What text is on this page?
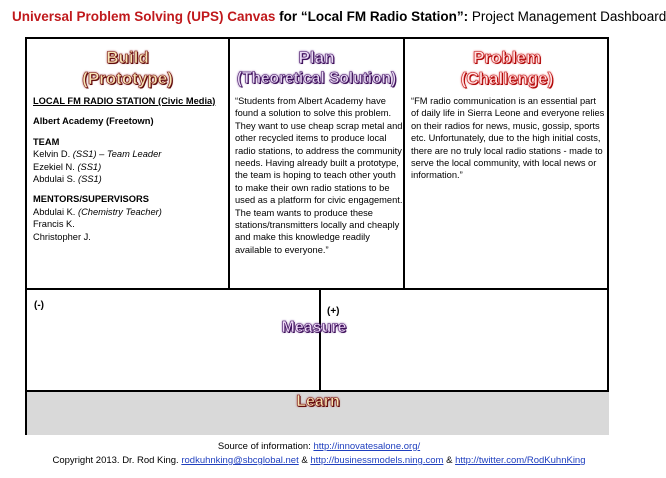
Universal Problem Solving (UPS) Canvas for “Local FM Radio Station”: Project Management Dashboard
Build
(Prototype)
LOCAL FM RADIO STATION (Civic Media)
Albert Academy (Freetown)
TEAM
Kelvin D. (SS1) – Team Leader
Ezekiel N. (SS1)
Abdulai S. (SS1)
MENTORS/SUPERVISORS
Abdulai K. (Chemistry Teacher)
Francis K.
Christopher J.
Plan
(Theoretical Solution)
“Students from Albert Academy have found a solution to solve this problem. They want to use cheap scrap metal and other recycled items to produce local radio stations, to address the community needs. Having already built a prototype, the team is hoping to teach other youth to make their own radio stations to be used as a platform for civic engagement. The team wants to produce these stations/transmitters locally and cheaply and make this knowledge readily available to everyone.”
Problem
(Challenge)
“FM radio communication is an essential part of daily life in Sierra Leone and everyone relies on their radios for news, music, gossip, sports etc. Unfortunately, due to the high initial costs, there are no truly local radio stations - made to serve the local community, with local news or information.”
(-)
(+)
Measure
Learn
Source of information: http://innovatesalone.org/
Copyright 2013. Dr. Rod King. rodkuhnking@sbcglobal.net & http://businessmodels.ning.com & http://twitter.com/RodKuhnKing
